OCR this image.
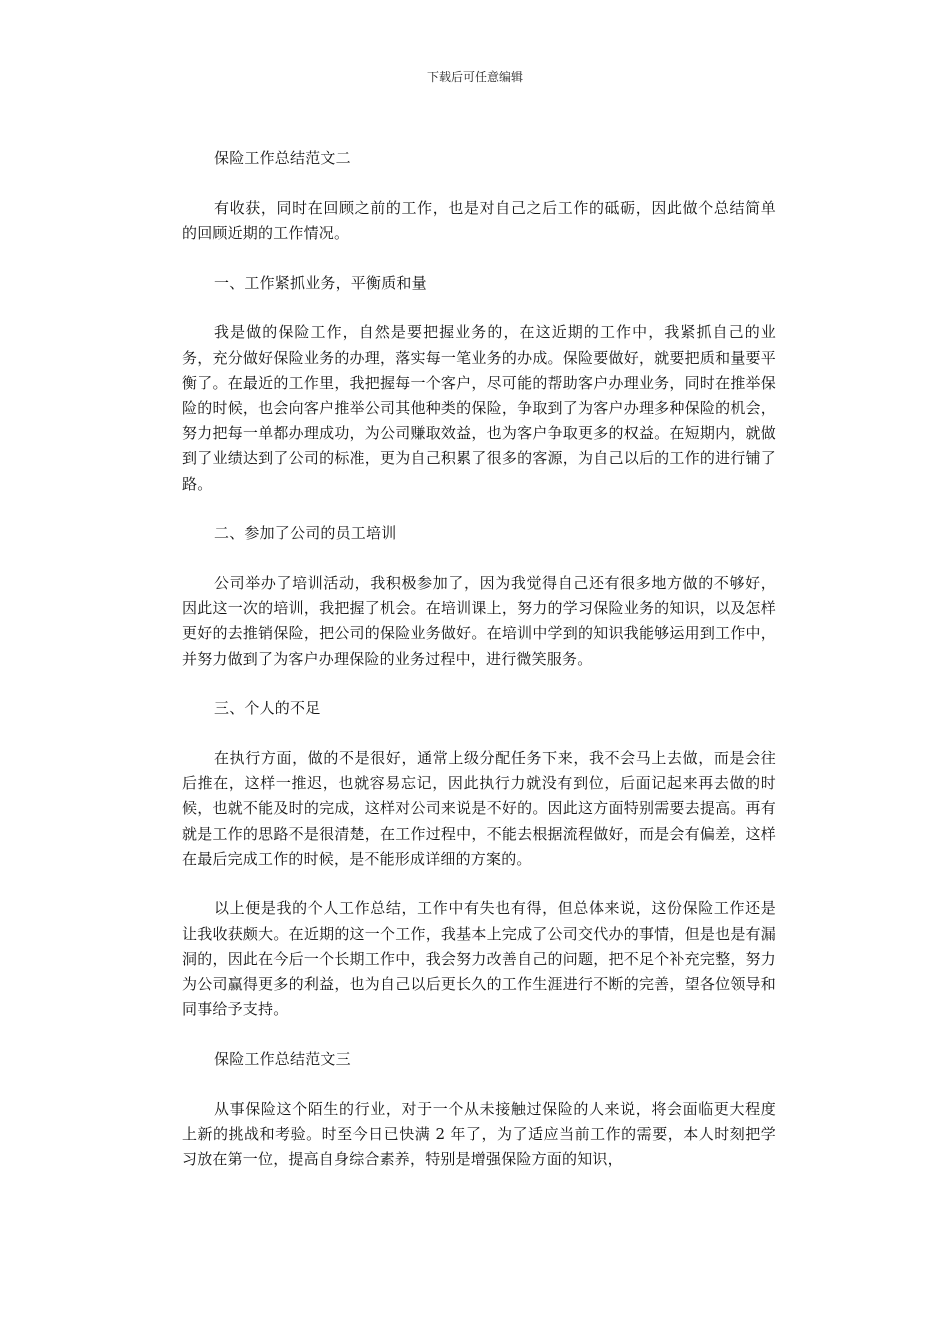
下载后可任意编辑
保险工作总结范文二
有收获，同时在回顾之前的工作，也是对自己之后工作的砥砺，因此做个总结简单的回顾近期的工作情况。
一、工作紧抓业务，平衡质和量
我是做的保险工作，自然是要把握业务的，在这近期的工作中，我紧抓自己的业务，充分做好保险业务的办理，落实每一笔业务的办成。保险要做好，就要把质和量要平衡了。在最近的工作里，我把握每一个客户，尽可能的帮助客户办理业务，同时在推举保险的时候，也会向客户推举公司其他种类的保险，争取到了为客户办理多种保险的机会，努力把每一单都办理成功，为公司赚取效益，也为客户争取更多的权益。在短期内，就做到了业绩达到了公司的标准，更为自己积累了很多的客源，为自己以后的工作的进行铺了路。
二、参加了公司的员工培训
公司举办了培训活动，我积极参加了，因为我觉得自己还有很多地方做的不够好，因此这一次的培训，我把握了机会。在培训课上，努力的学习保险业务的知识，以及怎样更好的去推销保险，把公司的保险业务做好。在培训中学到的知识我能够运用到工作中，并努力做到了为客户办理保险的业务过程中，进行微笑服务。
三、个人的不足
在执行方面，做的不是很好，通常上级分配任务下来，我不会马上去做，而是会往后推在，这样一推迟，也就容易忘记，因此执行力就没有到位，后面记起来再去做的时候，也就不能及时的完成，这样对公司来说是不好的。因此这方面特别需要去提高。再有就是工作的思路不是很清楚，在工作过程中，不能去根据流程做好，而是会有偏差，这样在最后完成工作的时候，是不能形成详细的方案的。
以上便是我的个人工作总结，工作中有失也有得，但总体来说，这份保险工作还是让我收获颇大。在近期的这一个工作，我基本上完成了公司交代办的事情，但是也是有漏洞的，因此在今后一个长期工作中，我会努力改善自己的问题，把不足个补充完整，努力为公司赢得更多的利益，也为自己以后更长久的工作生涯进行不断的完善，望各位领导和同事给予支持。
保险工作总结范文三
从事保险这个陌生的行业，对于一个从未接触过保险的人来说，将会面临更大程度上新的挑战和考验。时至今日已快满 2 年了，为了适应当前工作的需要，本人时刻把学习放在第一位，提高自身综合素养，特别是增强保险方面的知识，
